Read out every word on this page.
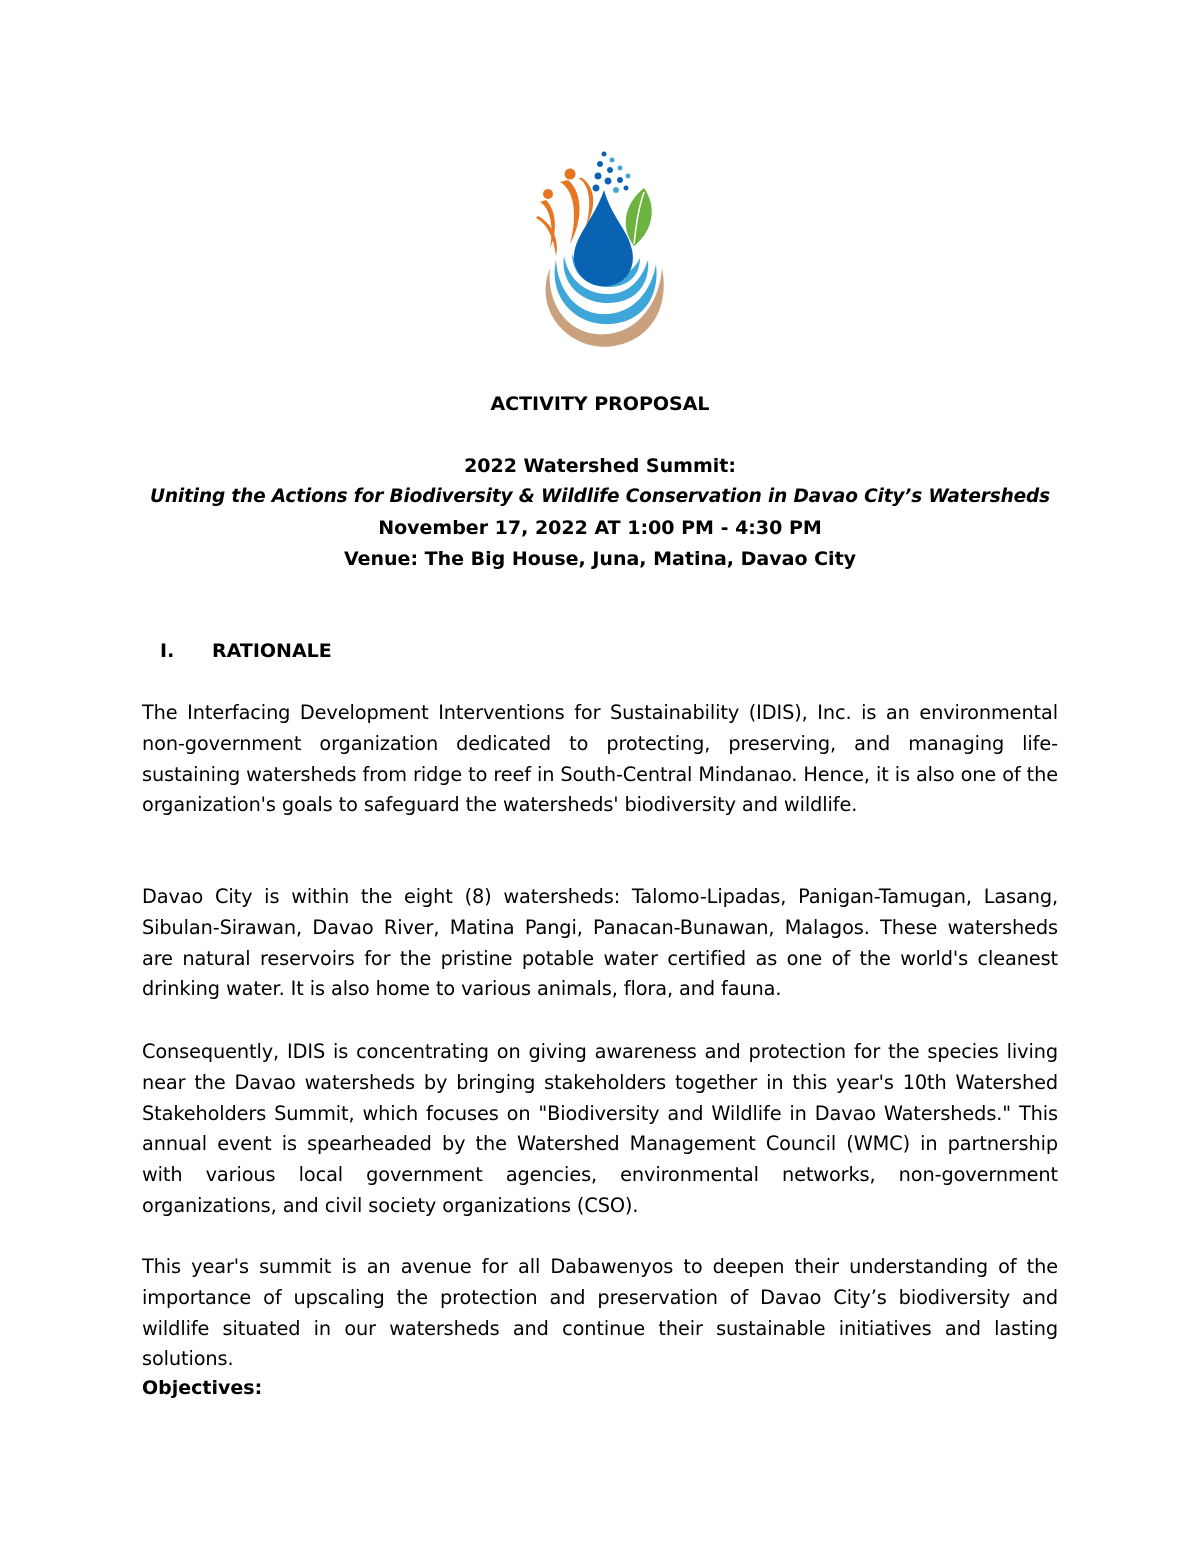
ACTIVITY PROPOSAL
2022 Watershed Summit:
Uniting the Actions for Biodiversity & Wildlife Conservation in Davao City’s Watersheds
November 17, 2022 AT 1:00 PM - 4:30 PM
Venue: The Big House, Juna, Matina, Davao City
I. RATIONALE

The Interfacing Development Interventions for Sustainability (IDIS), Inc. is an environmental non-government organization dedicated to protecting, preserving, and managing life-sustaining watersheds from ridge to reef in South-Central Mindanao. Hence, it is also one of the organization's goals to safeguard the watersheds' biodiversity and wildlife.

Davao City is within the eight (8) watersheds: Talomo-Lipadas, Panigan-Tamugan, Lasang, Sibulan-Sirawan, Davao River, Matina Pangi, Panacan-Bunawan, Malagos. These watersheds are natural reservoirs for the pristine potable water certified as one of the world's cleanest drinking water. It is also home to various animals, flora, and fauna.

Consequently, IDIS is concentrating on giving awareness and protection for the species living near the Davao watersheds by bringing stakeholders together in this year's 10th Watershed Stakeholders Summit, which focuses on "Biodiversity and Wildlife in Davao Watersheds." This annual event is spearheaded by the Watershed Management Council (WMC) in partnership with various local government agencies, environmental networks, non-government organizations, and civil society organizations (CSO).

This year's summit is an avenue for all Dabawenyos to deepen their understanding of the importance of upscaling the protection and preservation of Davao City’s biodiversity and wildlife situated in our watersheds and continue their sustainable initiatives and lasting solutions.

Objectives:
